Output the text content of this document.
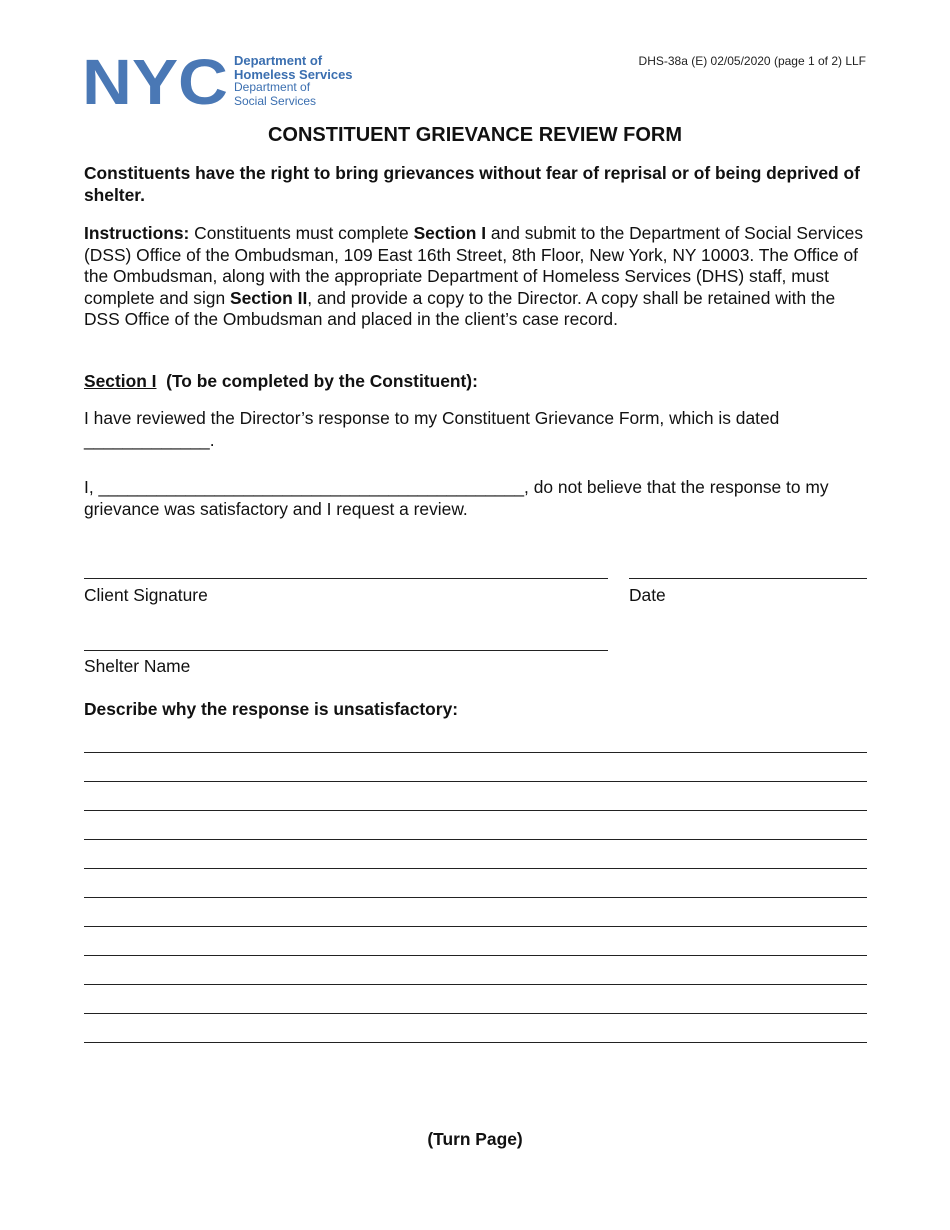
NYC Department of
Homeless Services
Department of
Social Services
DHS-38a (E) 02/05/2020 (page 1 of 2) LLF
CONSTITUENT GRIEVANCE REVIEW FORM
Constituents have the right to bring grievances without fear of reprisal or of being deprived of shelter.
Instructions: Constituents must complete Section I and submit to the Department of Social Services (DSS) Office of the Ombudsman, 109 East 16th Street, 8th Floor, New York, NY 10003. The Office of the Ombudsman, along with the appropriate Department of Homeless Services (DHS) staff, must complete and sign Section II, and provide a copy to the Director. A copy shall be retained with the DSS Office of the Ombudsman and placed in the client’s case record.
Section I (To be completed by the Constituent):
I have reviewed the Director’s response to my Constituent Grievance Form, which is dated _____________.
I, ____________________________________________, do not believe that the response to my grievance was satisfactory and I request a review.
Client Signature	Date
Shelter Name
Describe why the response is unsatisfactory:
(Turn Page)
